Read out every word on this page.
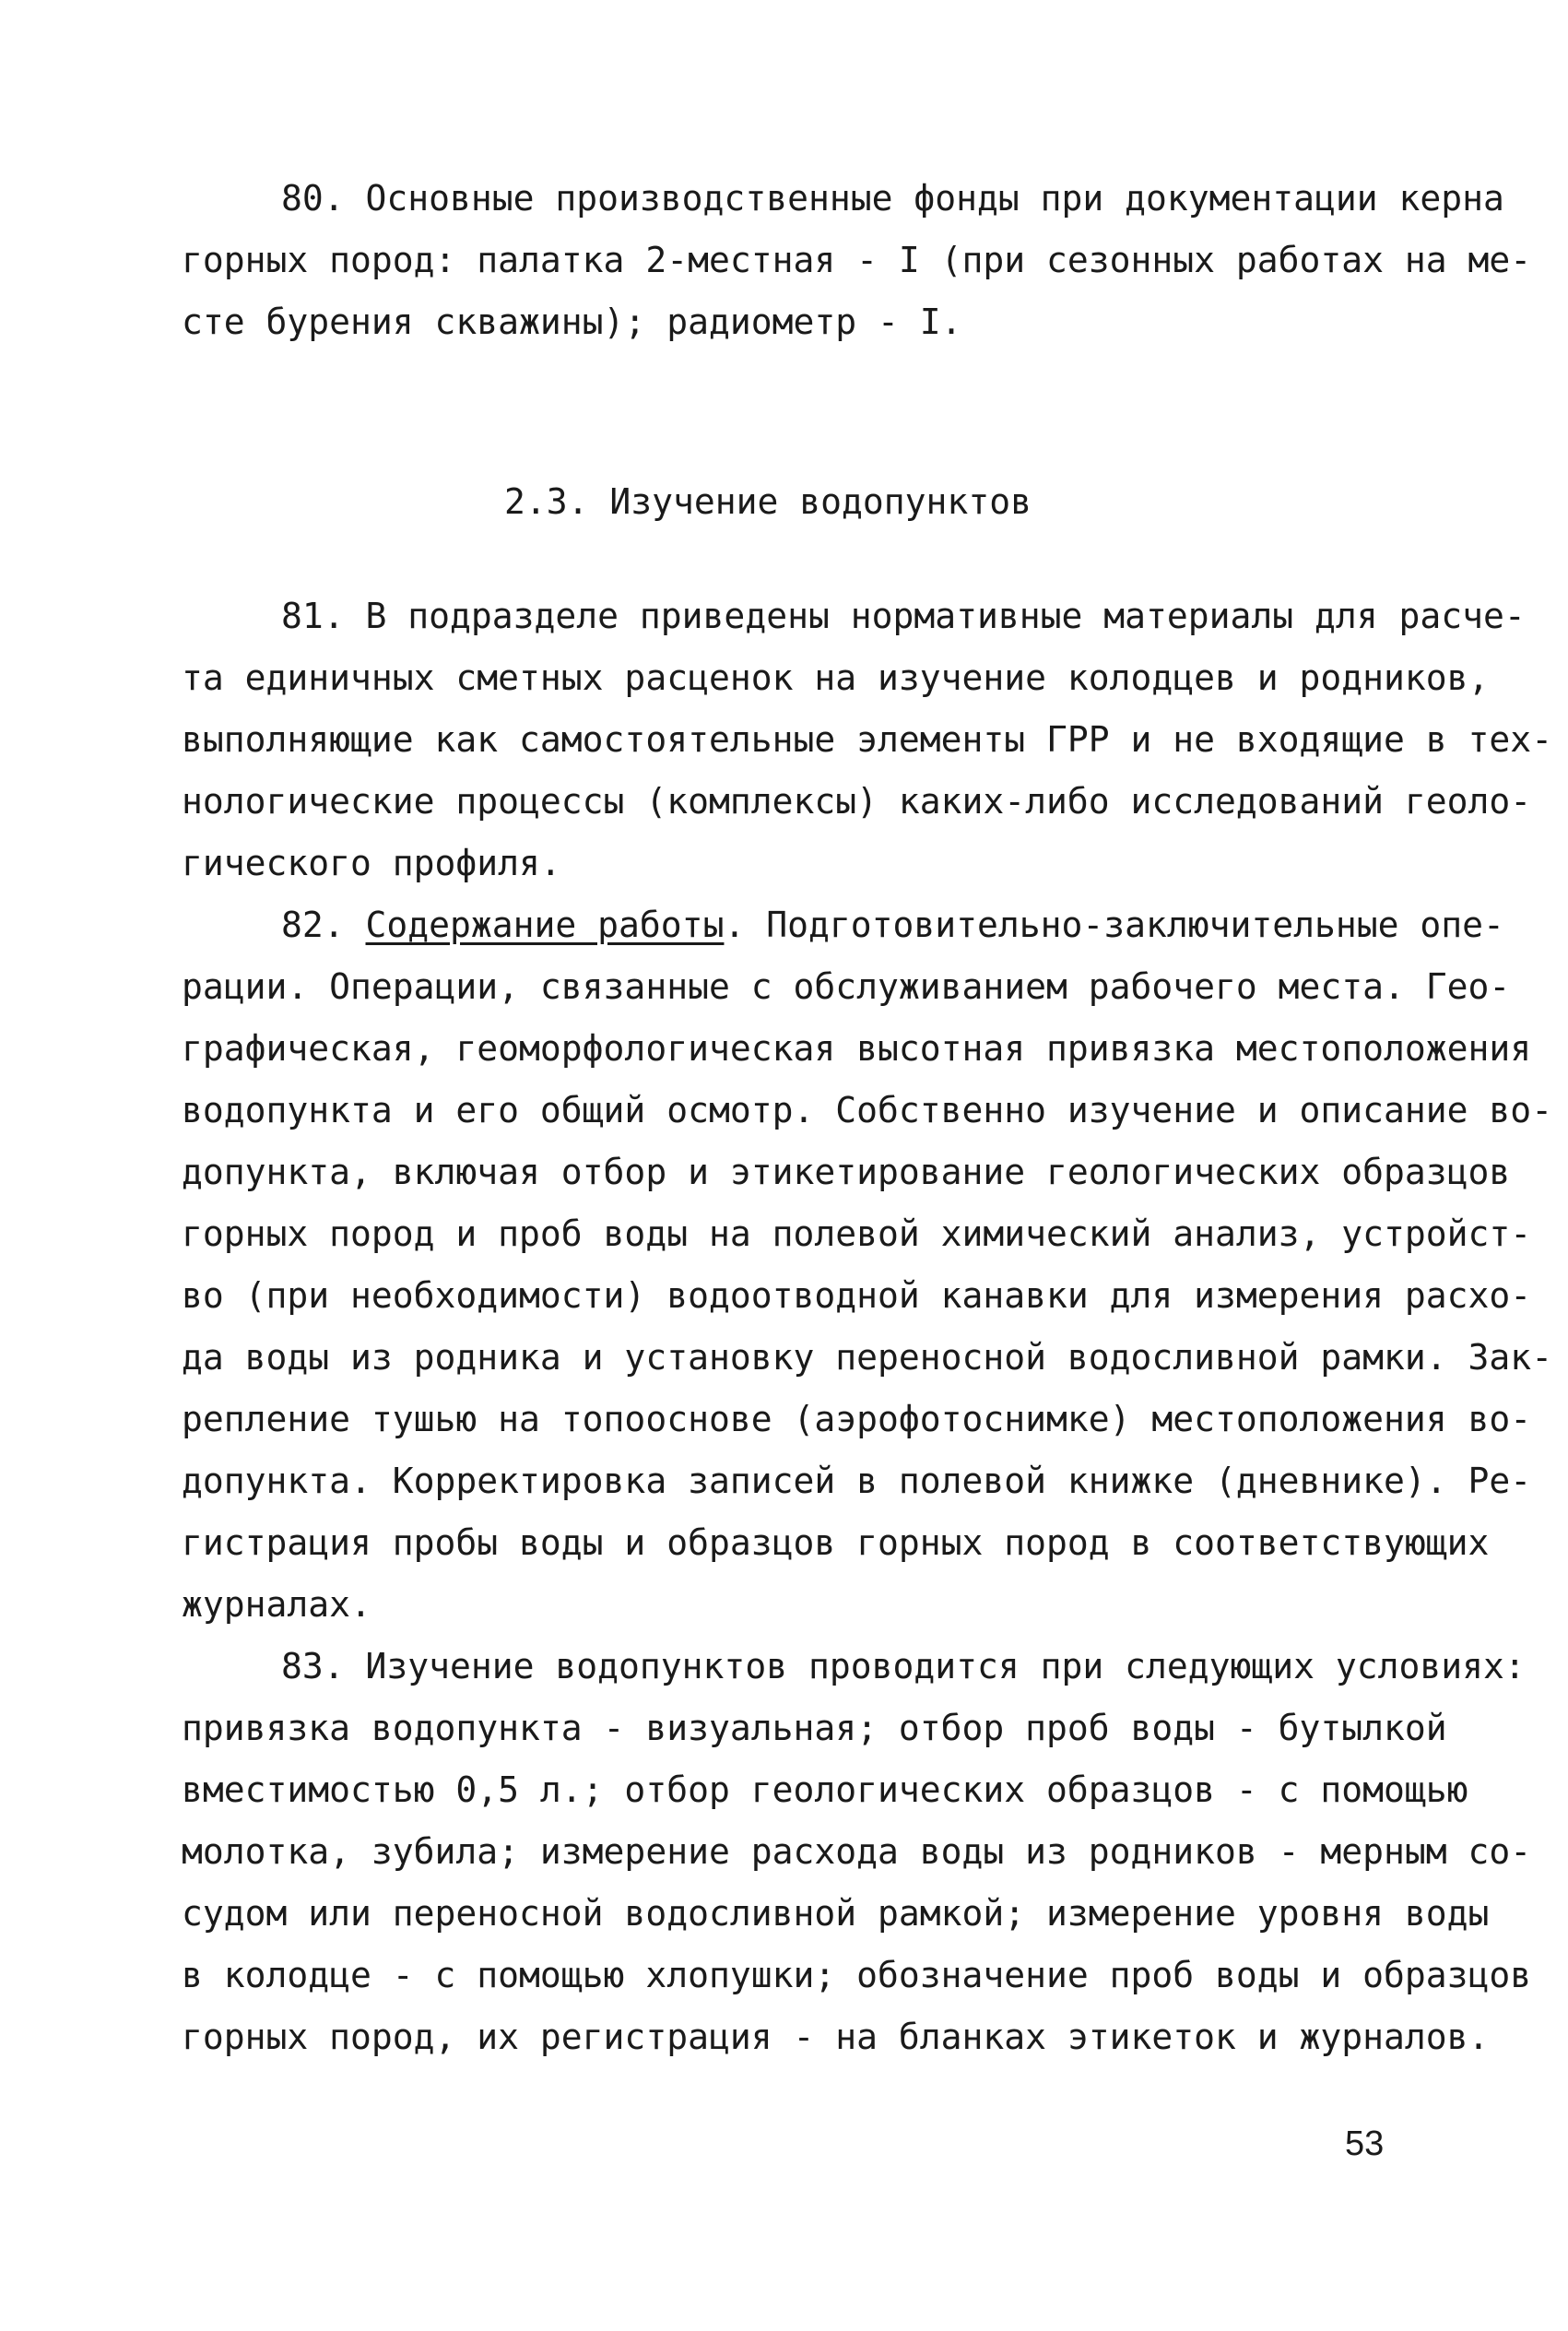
80. Основные производственные фонды при документации керна
горных пород: палатка 2-местная - I (при сезонных работах на ме-
сте бурения скважины); радиометр - I.
2.3. Изучение водопунктов
81. В подразделе приведены нормативные материалы для расче-
та единичных сметных расценок на изучение колодцев и родников,
выполняющие как самостоятельные элементы ГРР и не входящие в тех-
нологические процессы (комплексы) каких-либо исследований геоло-
гического профиля.
82. Содержание работы. Подготовительно-заключительные опе-
рации. Операции, связанные с обслуживанием рабочего места. Гео-
графическая, геоморфологическая высотная привязка местоположения
водопункта и его общий осмотр. Собственно изучение и описание во-
допункта, включая отбор и этикетирование геологических образцов
горных пород и проб воды на полевой химический анализ, устройст-
во (при необходимости) водоотводной канавки для измерения расхо-
да воды из родника и установку переносной водосливной рамки. Зак-
репление тушью на топооснове (аэрофотоснимке) местоположения во-
допункта. Корректировка записей в полевой книжке (дневнике). Ре-
гистрация пробы воды и образцов горных пород в соответствующих
журналах.
83. Изучение водопунктов проводится при следующих условиях:
привязка водопункта - визуальная; отбор проб воды - бутылкой
вместимостью 0,5 л.; отбор геологических образцов - с помощью
молотка, зубила; измерение расхода воды из родников - мерным со-
судом или переносной водосливной рамкой; измерение уровня воды
в колодце - с помощью хлопушки; обозначение проб воды и образцов
горных пород, их регистрация - на бланках этикеток и журналов.
53
